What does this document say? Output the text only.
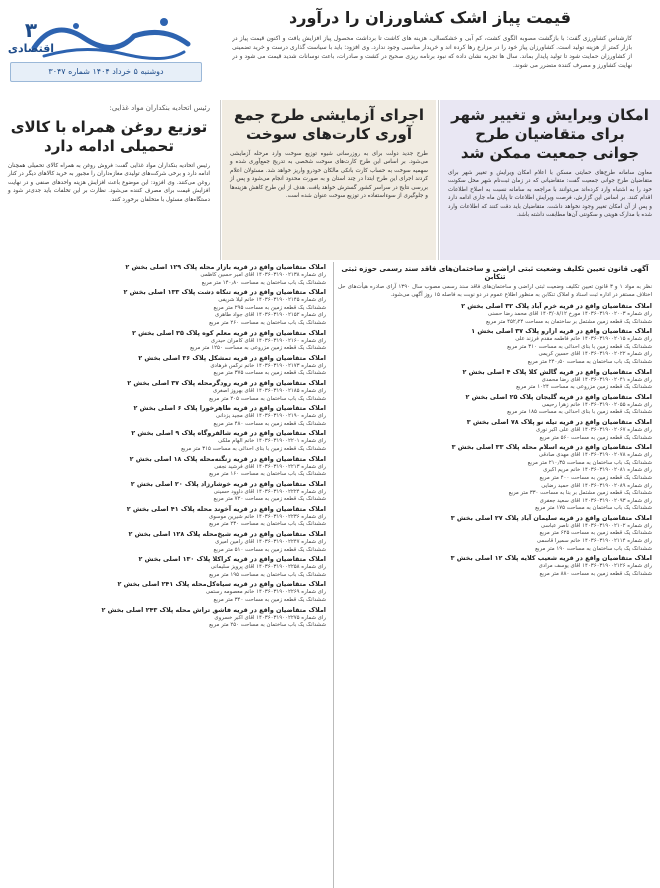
قیمت پیاز اشک کشاورزان را درآورد
کارشناس کشاورزی گفت: با بازگشت مصوبه الگوی کشت، کم آبی و خشکسالی، هزینه های کاشت تا برداشت محصول پیاز افزایش یافت و اکنون قیمت پیاز در بازار کمتر از هزینه تولید است. کشاورزان پیاز خود را در مزارع رها کرده اند و خریدار مناسبی وجود ندارد. وی افزود: باید با سیاست گذاری درست و خرید تضمینی از کشاورزان حمایت شود تا تولید پایدار بماند. سال ها تجربه نشان داده که نبود برنامه ریزی صحیح در کشت و صادرات، باعث نوسانات شدید قیمت می شود و در نهایت کشاورز و مصرف کننده متضرر می شوند.
۳
اقتصادی
دوشنبه ۵ خرداد ۱۴۰۴ شماره ۳۰۴۷
امکان ویرایش و تغییر شهر برای متقاضیان طرح جوانی جمعیت ممکن شد
معاون سامانه طرح‌های حمایتی مسکن با اعلام امکان ویرایش و تغییر شهر برای متقاضیان طرح جوانی جمعیت گفت: متقاضیانی که در زمان ثبت‌نام شهر محل سکونت خود را به اشتباه وارد کرده‌اند می‌توانند با مراجعه به سامانه نسبت به اصلاح اطلاعات اقدام کنند. بر اساس این گزارش، فرصت ویرایش اطلاعات تا پایان ماه جاری ادامه دارد و پس از آن امکان تغییر وجود نخواهد داشت. متقاضیان باید دقت کنند که اطلاعات وارد شده با مدارک هویتی و سکونتی آن‌ها مطابقت داشته باشد.
اجرای آزمایشی طرح جمع آوری کارت‌های سوخت
طرح جدید دولت برای به روزرسانی شیوه توزیع سوخت وارد مرحله آزمایشی می‌شود. بر اساس این طرح کارت‌های سوخت شخصی به تدریج جمع‌آوری شده و سهمیه سوخت به حساب کارت بانکی مالکان خودرو واریز خواهد شد. مسئولان اعلام کردند اجرای این طرح ابتدا در چند استان و به صورت محدود انجام می‌شود و پس از بررسی نتایج در سراسر کشور گسترش خواهد یافت. هدف از این طرح کاهش هزینه‌ها و جلوگیری از سوءاستفاده در توزیع سوخت عنوان شده است.
رئیس اتحادیه بنکداران مواد غذایی:
توزیع روغن همراه با کالای تحمیلی ادامه دارد
رئیس اتحادیه بنکداران مواد غذایی گفت: فروش روغن به همراه کالای تحمیلی همچنان ادامه دارد و برخی شرکت‌های تولیدی مغازه‌داران را مجبور به خرید کالاهای دیگر در کنار روغن می‌کنند. وی افزود: این موضوع باعث افزایش هزینه واحدهای صنفی و در نهایت افزایش قیمت برای مصرف کننده می‌شود. نظارت بر این تخلفات باید جدی‌تر شود و دستگاه‌های مسئول با متخلفان برخورد کنند.
آگهی قانون تعیین تکلیف وضعیت ثبتی اراضی و ساختمان‌های فاقد سند رسمی حوزه ثبتی تنکابن
نظر به مواد ۱ و ۳ قانون تعیین تکلیف وضعیت ثبتی اراضی و ساختمان‌های فاقد سند رسمی مصوب سال ۱۳۹۰ آرای صادره هیأت‌های حل اختلاف مستقر در اداره ثبت اسناد و املاک تنکابن به منظور اطلاع عموم در دو نوبت به فاصله ۱۵ روز آگهی می‌شود.
املاک متقاضیان واقع در قریه خرم آباد پلاک ۳۲ اصلی بخش ۲
رأی شماره ۱۴۰۳۶۰۳۱۹۰۰۲۰۰۳ مورخ ۱۴۰۳/۰۸/۱۲ آقای محمد رضا حسنی
ششدانگ یک قطعه زمین مشتمل بر ساختمان به مساحت ۴۵۲٫۲۴ متر مربع
املاک متقاضیان واقع در قریه ازارو پلاک ۳۷ اصلی بخش ۱
رأی شماره ۱۴۰۳۶۰۳۱۹۰۰۲۰۱۵ خانم فاطمه مقدم فرزند علی
ششدانگ یک قطعه زمین با بنای احداثی به مساحت ۳۱۰ متر مربع
رأی شماره ۱۴۰۳۶۰۳۱۹۰۰۲۰۲۲ آقای حسین کریمی
ششدانگ یک باب ساختمان به مساحت ۲۴۰٫۵۰ متر مربع
املاک متقاضیان واقع در قریه گالش کلا پلاک ۴ اصلی بخش ۲
رأی شماره ۱۴۰۳۶۰۳۱۹۰۰۲۰۴۱ آقای رضا محمدی
ششدانگ یک قطعه زمین مزروعی به مساحت ۱۰۲۴ متر مربع
املاک متقاضیان واقع در قریه گلیجان پلاک ۲۵ اصلی بخش ۲
رأی شماره ۱۴۰۳۶۰۳۱۹۰۰۲۰۵۵ خانم زهرا رحیمی
ششدانگ یک قطعه زمین با بنای احداثی به مساحت ۱۸۵ متر مربع
املاک متقاضیان واقع در قریه تیله نو پلاک ۷۸ اصلی بخش ۳
رأی شماره ۱۴۰۳۶۰۳۱۹۰۰۲۰۶۷ آقای علی اکبر نوری
ششدانگ یک قطعه زمین به مساحت ۵۶۰ متر مربع
املاک متقاضیان واقع در قریه اسلام محله پلاک ۳۳ اصلی بخش ۳
رأی شماره ۱۴۰۳۶۰۳۱۹۰۰۲۰۷۸ آقای مهدی صادقی
ششدانگ یک باب ساختمان به مساحت ۲۱۰٫۳۵ متر مربع
رأی شماره ۱۴۰۳۶۰۳۱۹۰۰۲۰۸۱ خانم مریم اکبری
ششدانگ یک قطعه زمین به مساحت ۴۰۰ متر مربع
رأی شماره ۱۴۰۳۶۰۳۱۹۰۰۲۰۸۹ آقای حمید رضایی
ششدانگ یک قطعه زمین مشتمل بر بنا به مساحت ۳۳۰ متر مربع
رأی شماره ۱۴۰۳۶۰۳۱۹۰۰۲۰۹۳ آقای سعید جعفری
ششدانگ یک باب ساختمان به مساحت ۱۷۵ متر مربع
املاک متقاضیان واقع در قریه سلیمان آباد پلاک ۲۷ اصلی بخش ۳
رأی شماره ۱۴۰۳۶۰۳۱۹۰۰۲۱۰۲ آقای ناصر عباسی
ششدانگ یک قطعه زمین به مساحت ۶۲۵ متر مربع
رأی شماره ۱۴۰۳۶۰۳۱۹۰۰۲۱۱۴ خانم سمیرا قاسمی
ششدانگ یک باب ساختمان به مساحت ۱۹۰ متر مربع
املاک متقاضیان واقع در قریه شعیب کلایه پلاک ۱۲ اصلی بخش ۳
رأی شماره ۱۴۰۳۶۰۳۱۹۰۰۲۱۲۶ آقای یوسف مرادی
ششدانگ یک قطعه زمین به مساحت ۸۸۰ متر مربع
املاک متقاضیان واقع در قریه بازار محله پلاک ۱۲۹ اصلی بخش ۲
رأی شماره ۱۴۰۳۶۰۳۱۹۰۰۲۱۳۸ آقای امیر حسین کاظمی
ششدانگ یک باب ساختمان به مساحت ۱۴۰٫۸۰ متر مربع
املاک متقاضیان واقع در قریه تنکاه دشت پلاک ۱۳۳ اصلی بخش ۲
رأی شماره ۱۴۰۳۶۰۳۱۹۰۰۲۱۴۵ خانم لیلا شریفی
ششدانگ یک قطعه زمین به مساحت ۲۹۵ متر مربع
رأی شماره ۱۴۰۳۶۰۳۱۹۰۰۲۱۵۲ آقای جواد طاهری
ششدانگ یک باب ساختمان به مساحت ۲۶۰ متر مربع
املاک متقاضیان واقع در قریه معلم کوه پلاک ۳۵ اصلی بخش ۲
رأی شماره ۱۴۰۳۶۰۳۱۹۰۰۲۱۶۰ آقای کامران حیدری
ششدانگ یک قطعه زمین مزروعی به مساحت ۱۲۵۰ متر مربع
املاک متقاضیان واقع در قریه تمشکل پلاک ۳۶ اصلی بخش ۲
رأی شماره ۱۴۰۳۶۰۳۱۹۰۰۲۱۷۳ خانم نرگس فرهادی
ششدانگ یک قطعه زمین به مساحت ۳۷۵ متر مربع
املاک متقاضیان واقع در قریه رودگرمحله پلاک ۳۷ اصلی بخش ۲
رأی شماره ۱۴۰۳۶۰۳۱۹۰۰۲۱۸۵ آقای بهروز اصغری
ششدانگ یک باب ساختمان به مساحت ۲۰۵ متر مربع
املاک متقاضیان واقع در قریه طاهرخورا پلاک ۶ اصلی بخش ۲
رأی شماره ۱۴۰۳۶۰۳۱۹۰۰۲۱۹۰ آقای مجید یزدانی
ششدانگ یک قطعه زمین به مساحت ۴۸۰ متر مربع
املاک متقاضیان واقع در قریه شالفروگاه پلاک ۹ اصلی بخش ۲
رأی شماره ۱۴۰۳۶۰۳۱۹۰۰۲۲۰۱ خانم الهام ملکی
ششدانگ یک قطعه زمین با بنای احداثی به مساحت ۳۱۵ متر مربع
املاک متقاضیان واقع در قریه زنگنه‌محله پلاک ۱۸ اصلی بخش ۲
رأی شماره ۱۴۰۳۶۰۳۱۹۰۰۲۲۱۳ آقای فرشید نجفی
ششدانگ یک باب ساختمان به مساحت ۱۶۰ متر مربع
املاک متقاضیان واقع در قریه خوشارزاد پلاک ۲۰ اصلی بخش ۲
رأی شماره ۱۴۰۳۶۰۳۱۹۰۰۲۲۲۴ آقای داوود حسینی
ششدانگ یک قطعه زمین به مساحت ۷۲۰ متر مربع
املاک متقاضیان واقع در قریه آخوند محله پلاک ۴۱ اصلی بخش ۲
رأی شماره ۱۴۰۳۶۰۳۱۹۰۰۲۲۳۶ خانم شیرین موسوی
ششدانگ یک باب ساختمان به مساحت ۲۳۰ متر مربع
املاک متقاضیان واقع در قریه شیخ‌محله پلاک ۱۲۸ اصلی بخش ۲
رأی شماره ۱۴۰۳۶۰۳۱۹۰۰۲۲۴۷ آقای رامین امیری
ششدانگ یک قطعه زمین به مساحت ۵۱۰ متر مربع
املاک متقاضیان واقع در قریه کراکلا پلاک ۱۳۰ اصلی بخش ۲
رأی شماره ۱۴۰۳۶۰۳۱۹۰۰۲۲۵۸ آقای پرویز سلیمانی
ششدانگ یک باب ساختمان به مساحت ۱۹۵ متر مربع
املاک متقاضیان واقع در قریه سیاه‌کل‌محله پلاک ۲۴۱ اصلی بخش ۲
رأی شماره ۱۴۰۳۶۰۳۱۹۰۰۲۲۶۹ خانم معصومه رستمی
ششدانگ یک قطعه زمین به مساحت ۳۴۰ متر مربع
املاک متقاضیان واقع در قریه فاشق تراش محله پلاک ۲۴۳ اصلی بخش ۲
رأی شماره ۱۴۰۳۶۰۳۱۹۰۰۲۲۷۵ آقای اکبر خسروی
ششدانگ یک باب ساختمان به مساحت ۲۵۰ متر مربع
